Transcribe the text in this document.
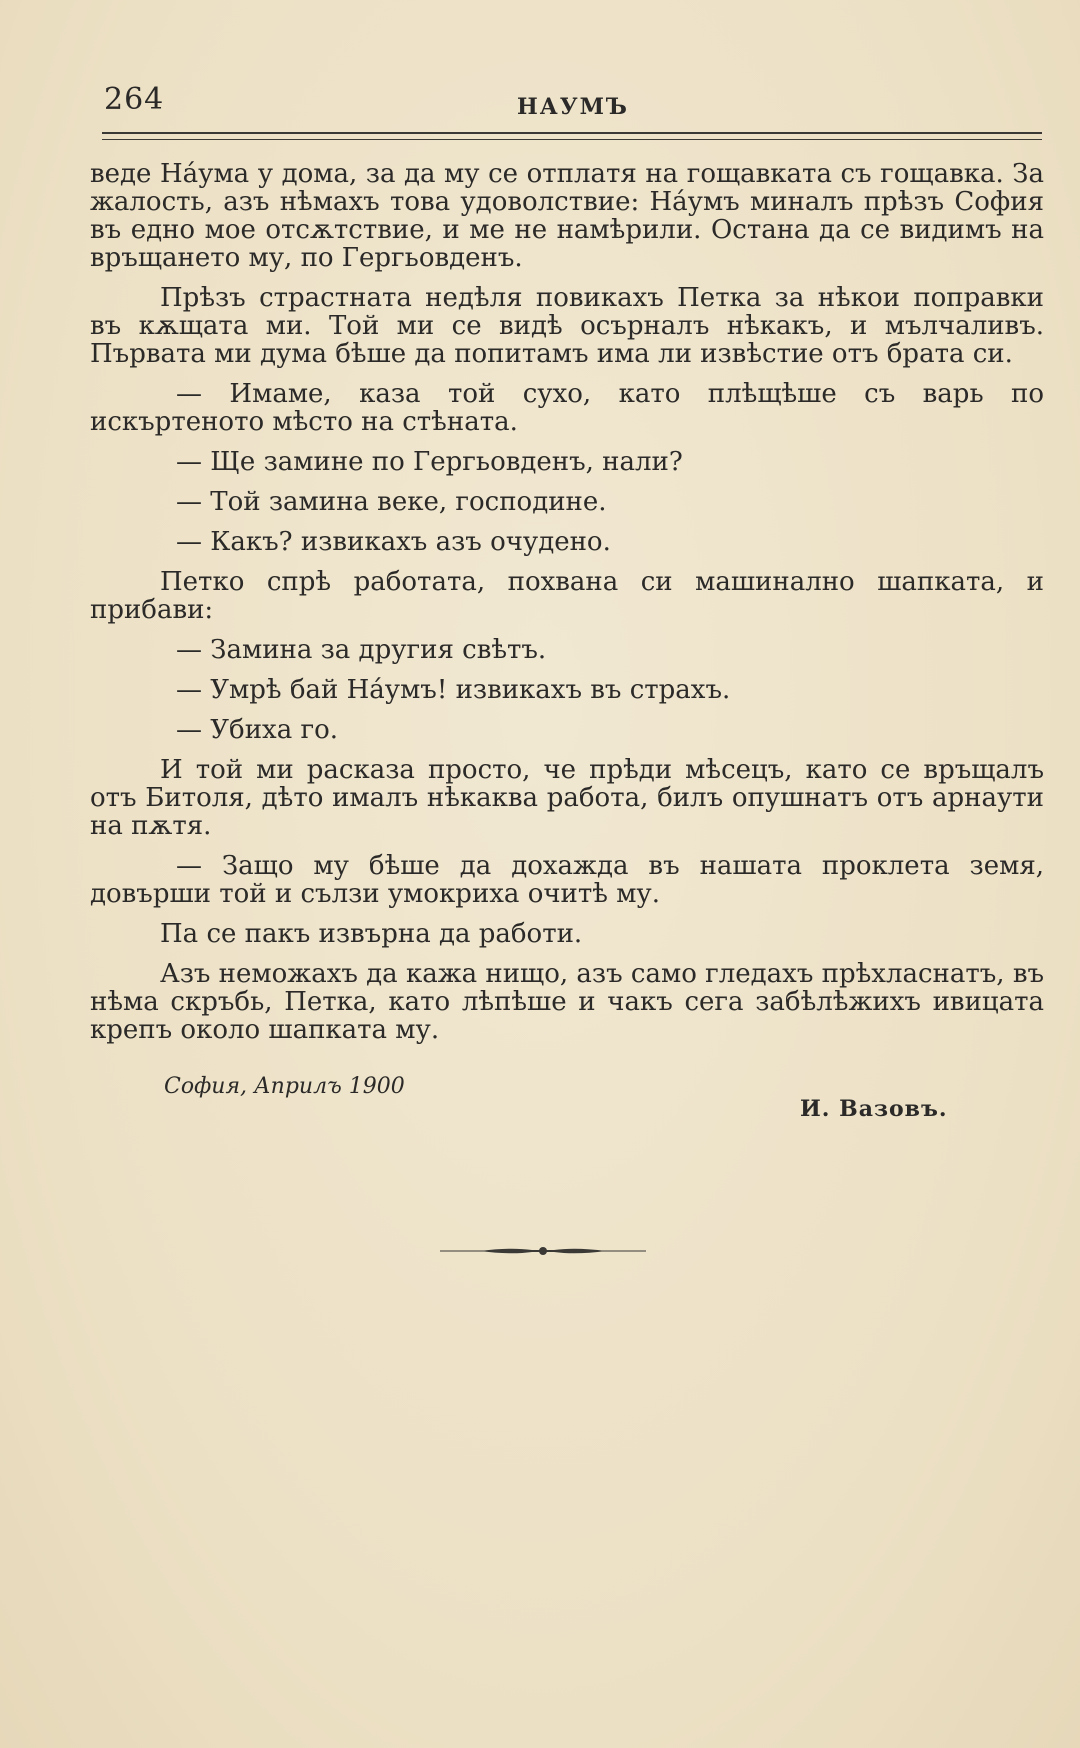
264	НАУМЪ

веде Нáума у дома, за да му се отплатя на гощавката съ гощавка. За жалость, азъ нѣмахъ това удоволствие: Нáумъ миналъ прѣзъ София въ едно мое отсѫтствие, и ме не намѣрили. Остана да се видимъ на връщането му, по Гергьовденъ.

Прѣзъ страстната недѣля повикахъ Петка за нѣкои поправки въ кѫщата ми. Той ми се видѣ осърналъ нѣкакъ, и мълчаливъ. Първата ми дума бѣше да попитамъ има ли извѣстие отъ брата си.

— Имаме, каза той сухо, като плѣщѣше съ варь по искъртеното мѣсто на стѣната.

— Ще замине по Гергьовденъ, нали?

— Той замина веке, господине.

— Какъ? извикахъ азъ очудено.

Петко спрѣ работата, похвана си машинално шапката, и прибави:

— Замина за другия свѣтъ.

— Умрѣ бай Нáумъ! извикахъ въ страхъ.

— Убиха го.

И той ми расказа просто, че прѣди мѣсецъ, като се връщалъ отъ Битоля, дѣто ималъ нѣкаква работа, билъ опушнатъ отъ арнаути на пѫтя.

— Защо му бѣше да дохажда въ нашата проклета земя, довърши той и сълзи умокриха очитѣ му.

Па се пакъ извърна да работи.

Азъ неможахъ да кажа нищо, азъ само гледахъ прѣхласнатъ, въ нѣма скръбь, Петка, като лѣпѣше и чакъ сега забѣлѣжихъ ивицата крепъ около шапката му.

София, Априлъ 1900
И. Вазовъ.
